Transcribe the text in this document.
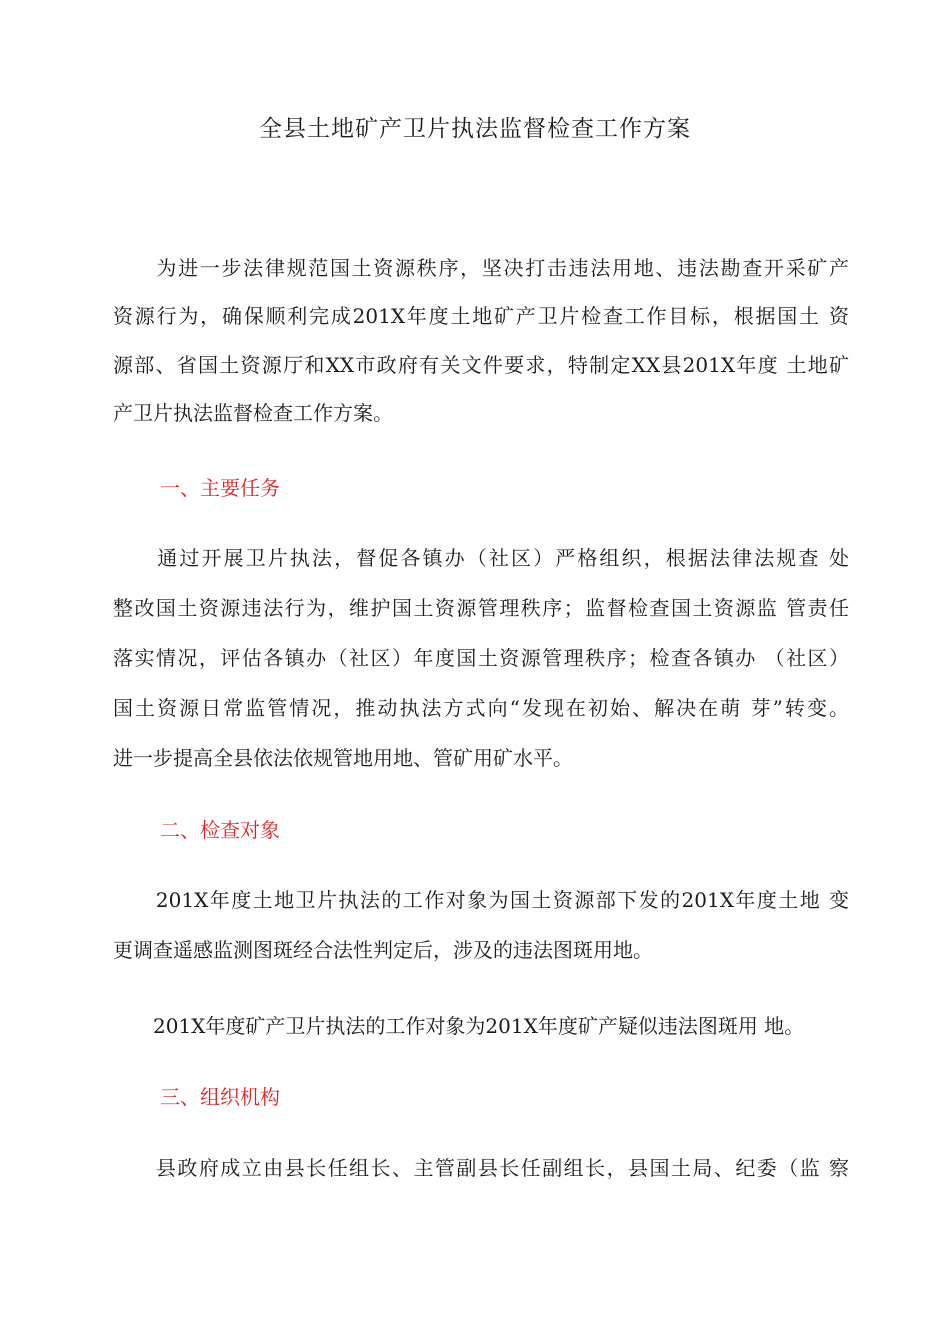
全县土地矿产卫片执法监督检查工作方案
　　为进一步法律规范国土资源秩序，坚决打击违法用地、违法勘查开采矿产
资源行为，确保顺利完成201X年度土地矿产卫片检查工作目标，根据国土 资
源部、省国土资源厅和XX市政府有关文件要求，特制定XX县201X年度 土地矿
产卫片执法监督检查工作方案。
一、主要任务
　　通过开展卫片执法，督促各镇办（社区）严格组织，根据法律法规查 处
整改国土资源违法行为，维护国土资源管理秩序；监督检查国土资源监 管责任
落实情况，评估各镇办（社区）年度国土资源管理秩序；检查各镇办 （社区）
国土资源日常监管情况，推动执法方式向“发现在初始、解决在萌 芽”转变。
进一步提高全县依法依规管地用地、管矿用矿水平。
二、检查对象
　　201X年度土地卫片执法的工作对象为国土资源部下发的201X年度土地 变
更调查遥感监测图斑经合法性判定后，涉及的违法图斑用地。
　　201X年度矿产卫片执法的工作对象为201X年度矿产疑似违法图斑用 地。
三、组织机构
　　县政府成立由县长任组长、主管副县长任副组长，县国土局、纪委（监 察
